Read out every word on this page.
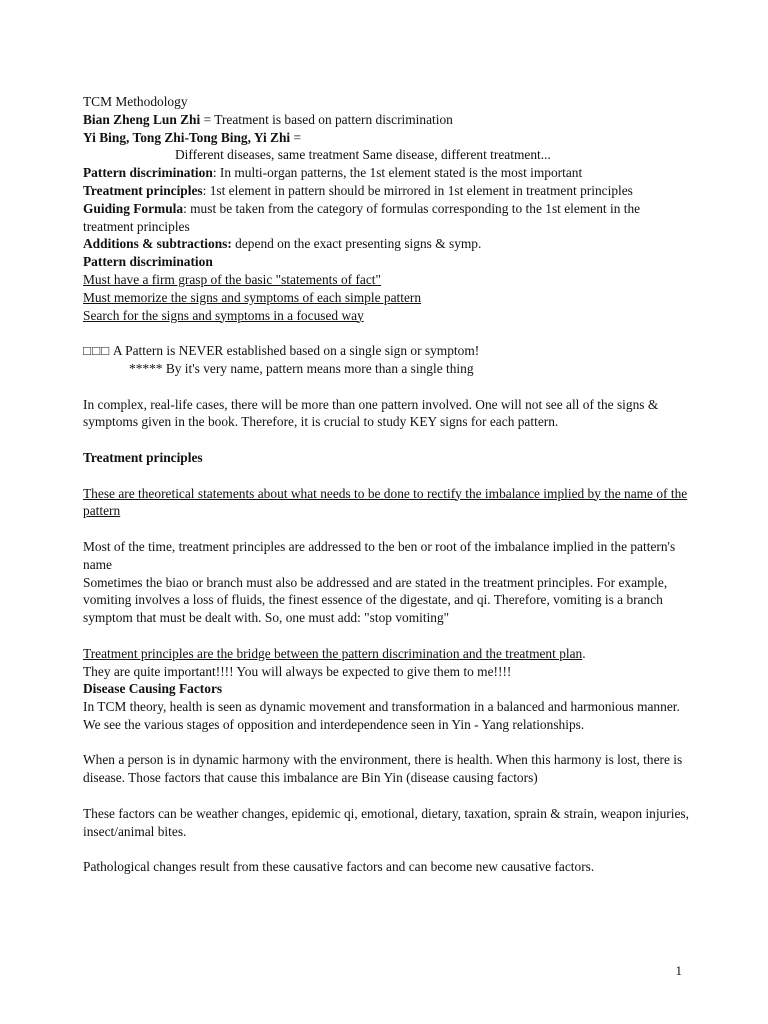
TCM Methodology
Bian Zheng Lun Zhi = Treatment is based on pattern discrimination
Yi Bing, Tong Zhi-Tong Bing, Yi Zhi =
Different diseases, same treatment Same disease, different treatment...
Pattern discrimination: In multi-organ patterns, the 1st element stated is the most important
Treatment principles: 1st element in pattern should be mirrored in 1st element in treatment principles
Guiding Formula: must be taken from the category of formulas corresponding to the 1st element in the treatment principles
Additions & subtractions: depend on the exact presenting signs & symp.
Pattern discrimination
Must have a firm grasp of the basic "statements of fact"
Must memorize the signs and symptoms of each simple pattern
Search for the signs and symptoms in a focused way
□□□ A Pattern is NEVER established based on a single sign or symptom!
***** By it's very name, pattern means more than a single thing
In complex, real-life cases, there will be more than one pattern involved. One will not see all of the signs & symptoms given in the book. Therefore, it is crucial to study KEY signs for each pattern.
Treatment principles
These are theoretical statements about what needs to be done to rectify the imbalance implied by the name of the pattern
Most of the time, treatment principles are addressed to the ben or root of the imbalance implied in the pattern's name
Sometimes the biao or branch must also be addressed and are stated in the treatment principles. For example, vomiting involves a loss of fluids, the finest essence of the digestate, and qi. Therefore, vomiting is a branch symptom that must be dealt with. So, one must add: "stop vomiting"
Treatment principles are the bridge between the pattern discrimination and the treatment plan.
They are quite important!!!! You will always be expected to give them to me!!!!
Disease Causing Factors
In TCM theory, health is seen as dynamic movement and transformation in a balanced and harmonious manner. We see the various stages of opposition and interdependence seen in Yin - Yang relationships.
When a person is in dynamic harmony with the environment, there is health. When this harmony is lost, there is disease. Those factors that cause this imbalance are Bin Yin (disease causing factors)
These factors can be weather changes, epidemic qi, emotional, dietary, taxation, sprain & strain, weapon injuries, insect/animal bites.
Pathological changes result from these causative factors and can become new causative factors.
1
